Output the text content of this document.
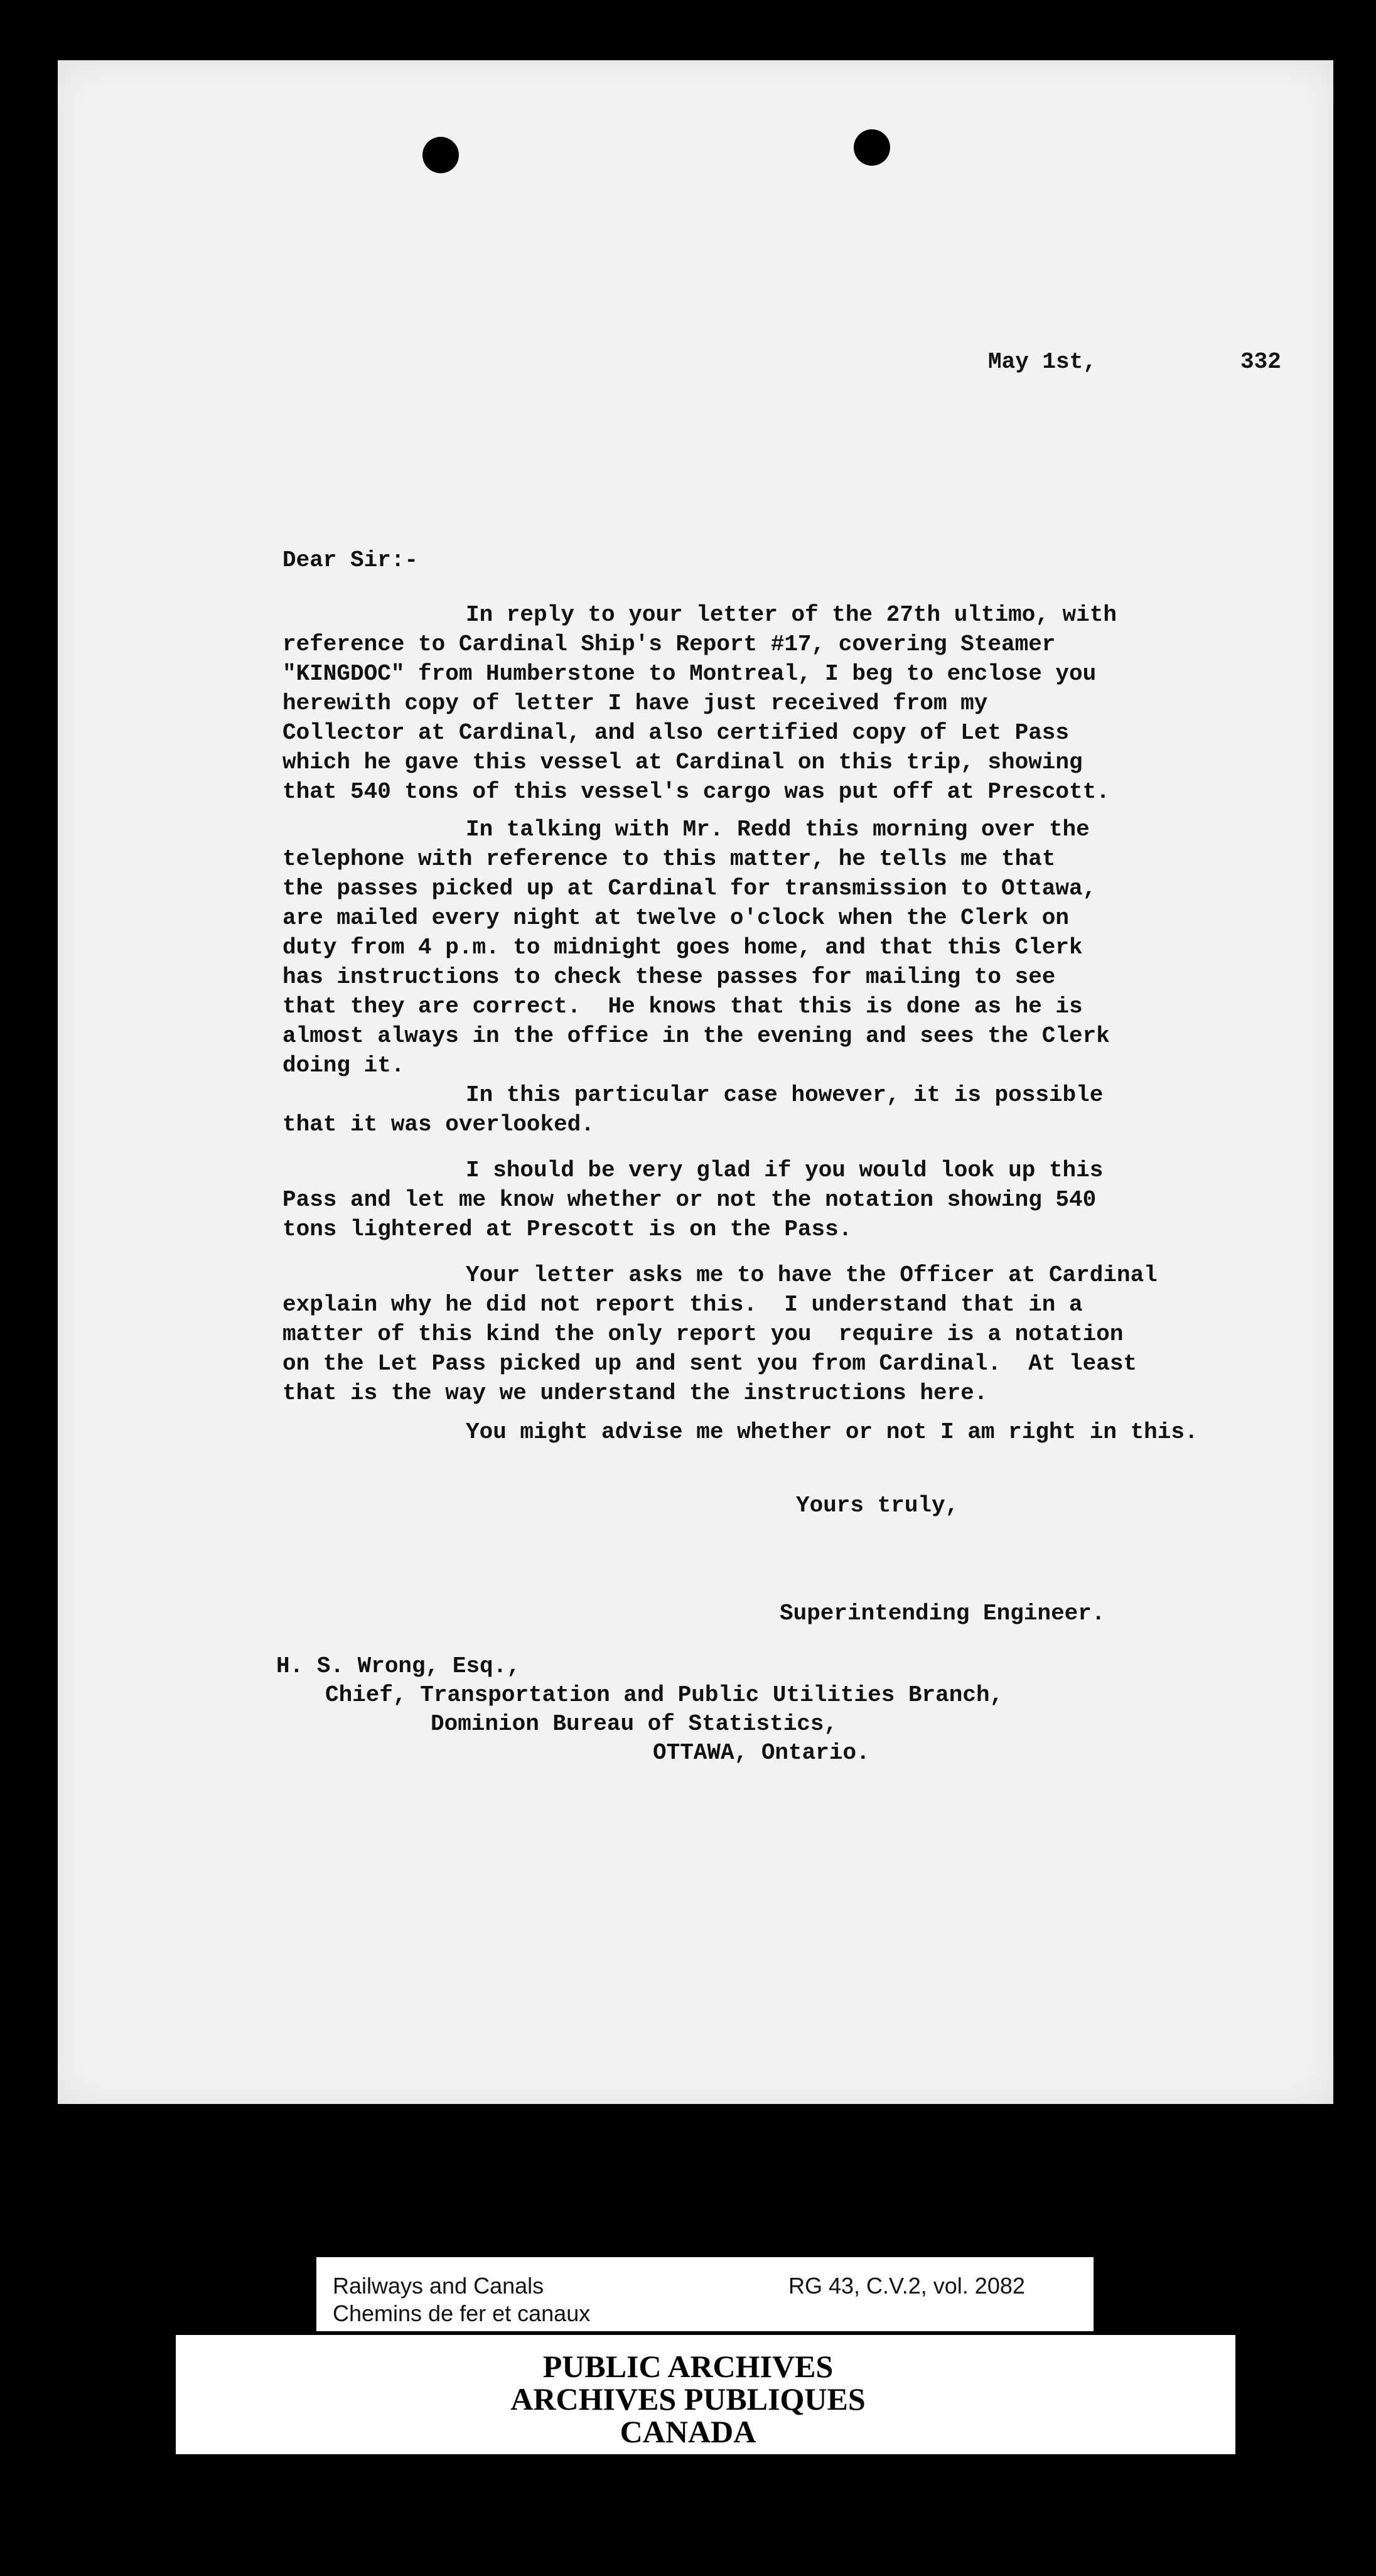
May 1st,	332
Dear Sir:-
In reply to your letter of the 27th ultimo, with
reference to Cardinal Ship's Report #17, covering Steamer
"KINGDOC" from Humberstone to Montreal, I beg to enclose you
herewith copy of letter I have just received from my
Collector at Cardinal, and also certified copy of Let Pass
which he gave this vessel at Cardinal on this trip, showing
that 540 tons of this vessel's cargo was put off at Prescott.
In talking with Mr. Redd this morning over the
telephone with reference to this matter, he tells me that
the passes picked up at Cardinal for transmission to Ottawa,
are mailed every night at twelve o'clock when the Clerk on
duty from 4 p.m. to midnight goes home, and that this Clerk
has instructions to check these passes for mailing to see
that they are correct.  He knows that this is done as he is
almost always in the office in the evening and sees the Clerk
doing it.
In this particular case however, it is possible
that it was overlooked.
I should be very glad if you would look up this
Pass and let me know whether or not the notation showing 540
tons lightered at Prescott is on the Pass.
Your letter asks me to have the Officer at Cardinal
explain why he did not report this.  I understand that in a
matter of this kind the only report you  require is a notation
on the Let Pass picked up and sent you from Cardinal.  At least
that is the way we understand the instructions here.
You might advise me whether or not I am right in this.
Yours truly,
Superintending Engineer.
H. S. Wrong, Esq.,
Chief, Transportation and Public Utilities Branch,
Dominion Bureau of Statistics,
OTTAWA, Ontario.
Railways and Canals
Chemins de fer et canaux
RG 43, C.V.2, vol. 2082
PUBLIC ARCHIVES
ARCHIVES PUBLIQUES
CANADA
